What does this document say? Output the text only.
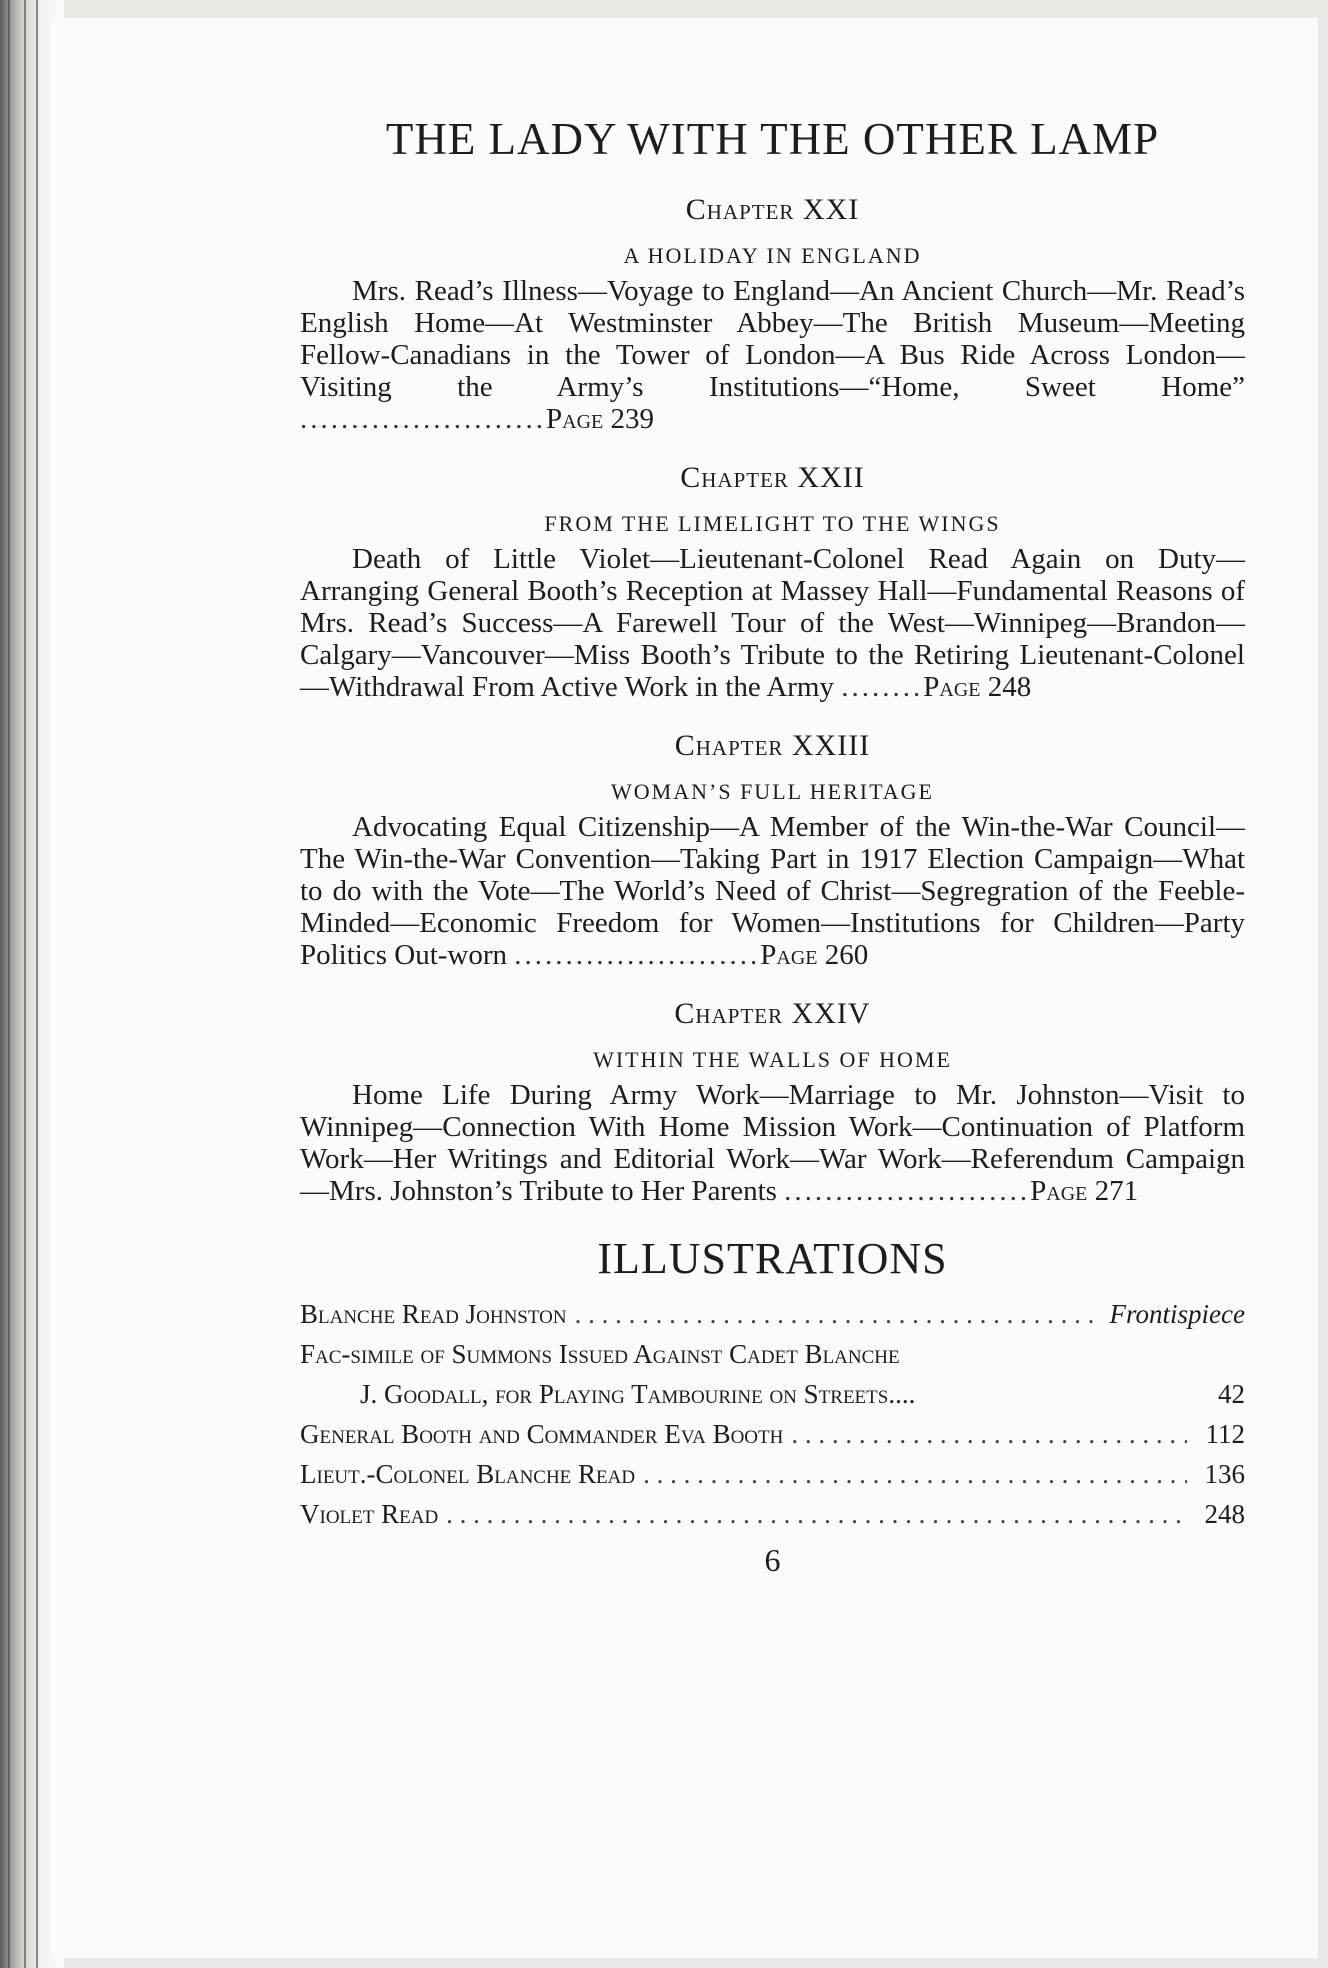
THE LADY WITH THE OTHER LAMP
Chapter XXI
A HOLIDAY IN ENGLAND

Mrs. Read’s Illness—Voyage to England—An Ancient Church—Mr. Read’s English Home—At Westminster Abbey—The British Museum—Meeting Fellow-Canadians in the Tower of London—A Bus Ride Across London—Visiting the Army’s Institutions—“Home, Sweet Home” ........................Page 239

Chapter XXII
FROM THE LIMELIGHT TO THE WINGS

Death of Little Violet—Lieutenant-Colonel Read Again on Duty—Arranging General Booth’s Reception at Massey Hall—Fundamental Reasons of Mrs. Read’s Success—A Farewell Tour of the West—Winnipeg—Brandon—Calgary—Vancouver—Miss Booth’s Tribute to the Retiring Lieutenant-Colonel—Withdrawal From Active Work in the Army ........Page 248

Chapter XXIII
WOMAN’S FULL HERITAGE

Advocating Equal Citizenship—A Member of the Win-the-War Council—The Win-the-War Convention—Taking Part in 1917 Election Campaign—What to do with the Vote—The World’s Need of Christ—Segregration of the Feeble-Minded—Economic Freedom for Women—Institutions for Children—Party Politics Out-worn ........................Page 260

Chapter XXIV
WITHIN THE WALLS OF HOME

Home Life During Army Work—Marriage to Mr. Johnston—Visit to Winnipeg—Connection With Home Mission Work—Continuation of Platform Work—Her Writings and Editorial Work—War Work—Referendum Campaign—Mrs. Johnston’s Tribute to Her Parents ........................Page 271

ILLUSTRATIONS
Blanche Read Johnston . . .	Frontispiece
Fac-simile of Summons Issued Against Cadet Blanche
J. Goodall, for Playing Tambourine on Streets....	42
General Booth and Commander Eva Booth . . .	112
Lieut.-Colonel Blanche Read . . .	136
Violet Read . . .	248
6
